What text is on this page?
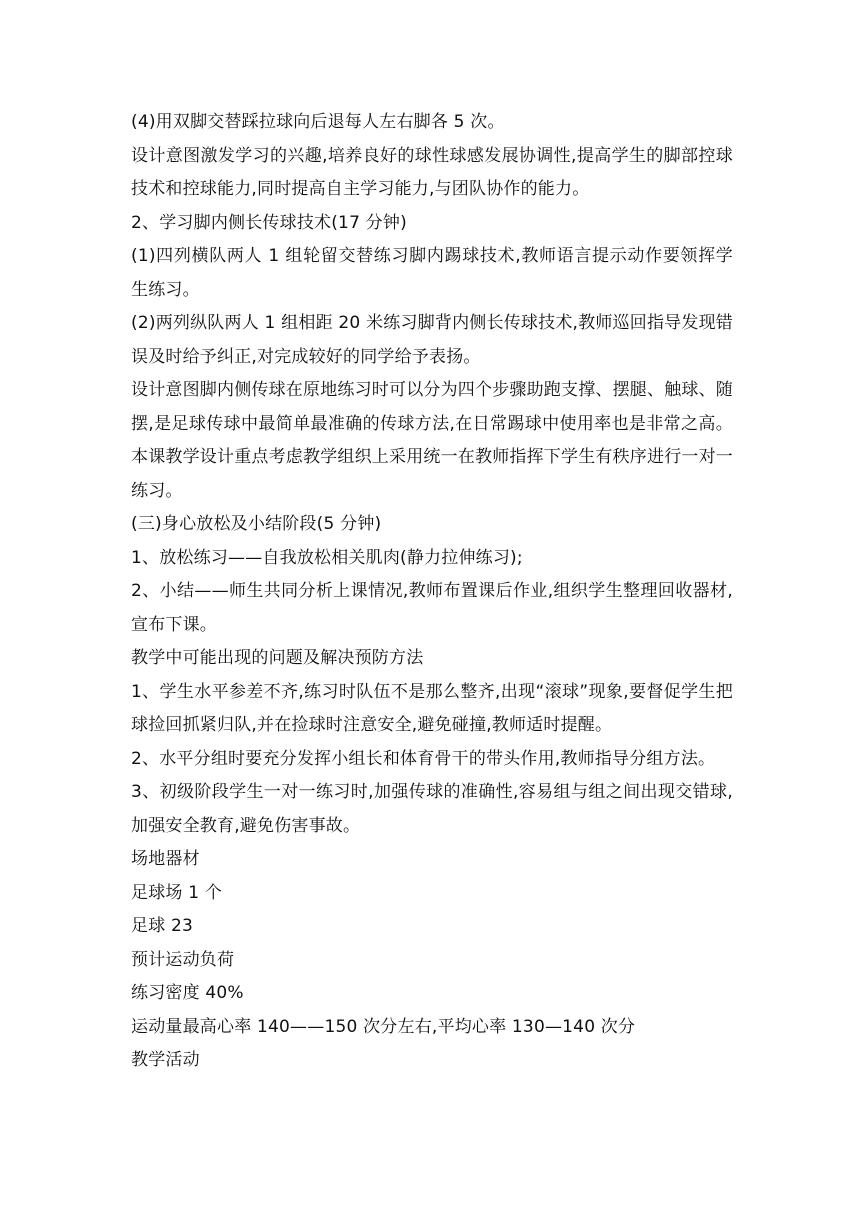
(4)用双脚交替踩拉球向后退每人左右脚各 5 次。

设计意图激发学习的兴趣,培养良好的球性球感发展协调性,提高学生的脚部控球技术和控球能力,同时提高自主学习能力,与团队协作的能力。

2、学习脚内侧长传球技术(17 分钟)

(1)四列横队两人 1 组轮留交替练习脚内踢球技术,教师语言提示动作要领挥学生练习。

(2)两列纵队两人 1 组相距 20 米练习脚背内侧长传球技术,教师巡回指导发现错误及时给予纠正,对完成较好的同学给予表扬。

设计意图脚内侧传球在原地练习时可以分为四个步骤助跑支撑、摆腿、触球、随摆,是足球传球中最简单最准确的传球方法,在日常踢球中使用率也是非常之高。本课教学设计重点考虑教学组织上采用统一在教师指挥下学生有秩序进行一对一练习。

(三)身心放松及小结阶段(5 分钟)

1、放松练习——自我放松相关肌肉(静力拉伸练习);

2、小结——师生共同分析上课情况,教师布置课后作业,组织学生整理回收器材,宣布下课。

教学中可能出现的问题及解决预防方法

1、学生水平参差不齐,练习时队伍不是那么整齐,出现“滚球”现象,要督促学生把球捡回抓紧归队,并在捡球时注意安全,避免碰撞,教师适时提醒。

2、水平分组时要充分发挥小组长和体育骨干的带头作用,教师指导分组方法。

3、初级阶段学生一对一练习时,加强传球的准确性,容易组与组之间出现交错球,加强安全教育,避免伤害事故。

场地器材

足球场 1 个

足球 23

预计运动负荷

练习密度 40%

运动量最高心率 140——150 次分左右,平均心率 130—140 次分

教学活动
